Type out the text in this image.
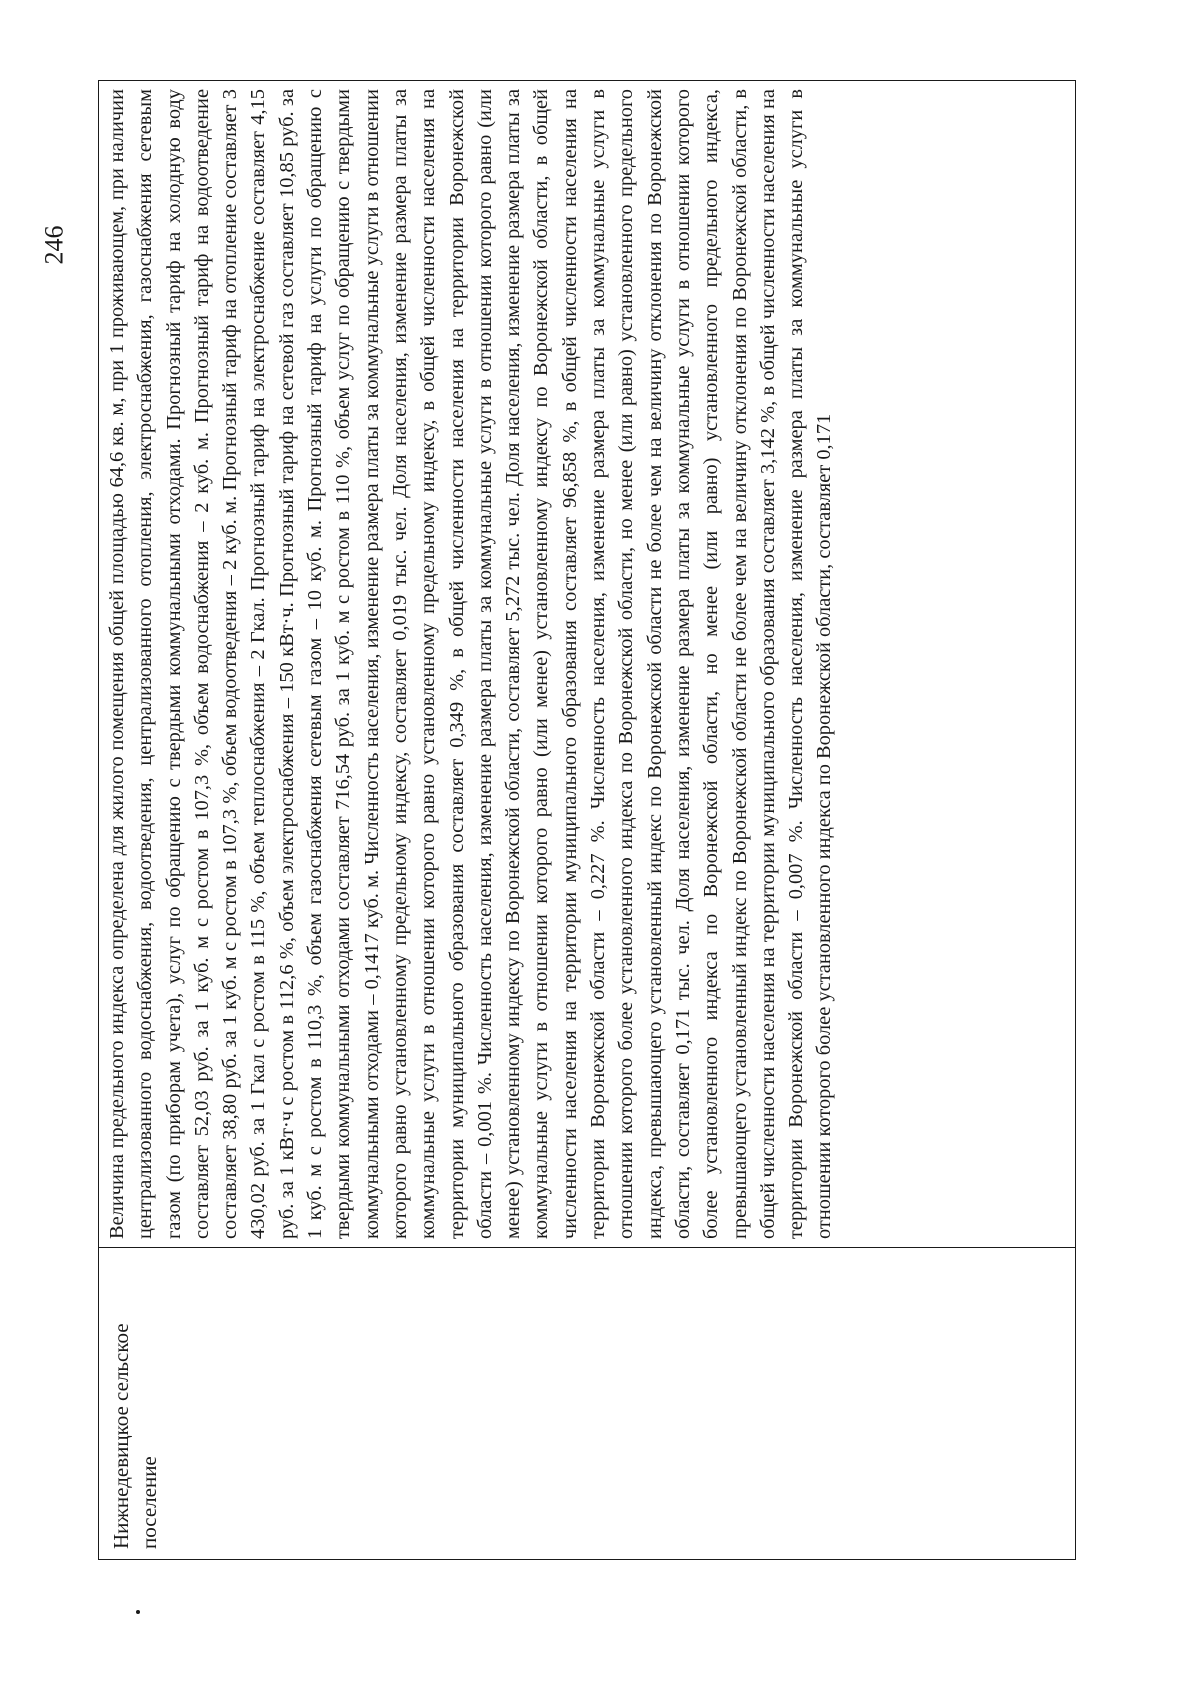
246
Нижнедевицкое сельское поселение
Величина предельного индекса определена для жилого помещения общей площадью 64,6 кв. м, при 1 проживающем, при наличии централизованного водоснабжения, водоотведения, централизованного отопления, электроснабжения, газоснабжения сетевым газом (по приборам учета), услуг по обращению с твердыми коммунальными отходами. Прогнозный тариф на холодную воду составляет 52,03 руб. за 1 куб. м с ростом в 107,3 %, объем водоснабжения – 2 куб. м. Прогнозный тариф на водоотведение составляет 38,80 руб. за 1 куб. м с ростом в 107,3 %, объем водоотведения – 2 куб. м. Прогнозный тариф на отопление составляет 3 430,02 руб. за 1 Гкал с ростом в 115 %, объем теплоснабжения – 2 Гкал. Прогнозный тариф на электроснабжение составляет 4,15 руб. за 1 кВт·ч с ростом в 112,6 %, объем электроснабжения – 150 кВт·ч. Прогнозный тариф на сетевой газ составляет 10,85 руб. за 1 куб. м с ростом в 110,3 %, объем газоснабжения сетевым газом – 10 куб. м. Прогнозный тариф на услуги по обращению с твердыми коммунальными отходами составляет 716,54 руб. за 1 куб. м с ростом в 110 %, объем услуг по обращению с твердыми коммунальными отходами – 0,1417 куб. м. Численность населения, изменение размера платы за коммунальные услуги в отношении которого равно установленному предельному индексу, составляет 0,019 тыс. чел. Доля населения, изменение размера платы за коммунальные услуги в отношении которого равно установленному предельному индексу, в общей численности населения на территории муниципального образования составляет 0,349 %, в общей численности населения на территории Воронежской области – 0,001 %. Численность населения, изменение размера платы за коммунальные услуги в отношении которого равно (или менее) установленному индексу по Воронежской области, составляет 5,272 тыс. чел. Доля населения, изменение размера платы за коммунальные услуги в отношении которого равно (или менее) установленному индексу по Воронежской области, в общей численности населения на территории муниципального образования составляет 96,858 %, в общей численности населения на территории Воронежской области – 0,227 %. Численность населения, изменение размера платы за коммунальные услуги в отношении которого более установленного индекса по Воронежской области, но менее (или равно) установленного предельного индекса, превышающего установленный индекс по Воронежской области не более чем на величину отклонения по Воронежской области, составляет 0,171 тыс. чел. Доля населения, изменение размера платы за коммунальные услуги в отношении которого более установленного индекса по Воронежской области, но менее (или равно) установленного предельного индекса, превышающего установленный индекс по Воронежской области не более чем на величину отклонения по Воронежской области, в общей численности населения на территории муниципального образования составляет 3,142 %, в общей численности населения на территории Воронежской области – 0,007 %. Численность населения, изменение размера платы за коммунальные услуги в отношении которого более установленного индекса по Воронежской области, составляет 0,171
